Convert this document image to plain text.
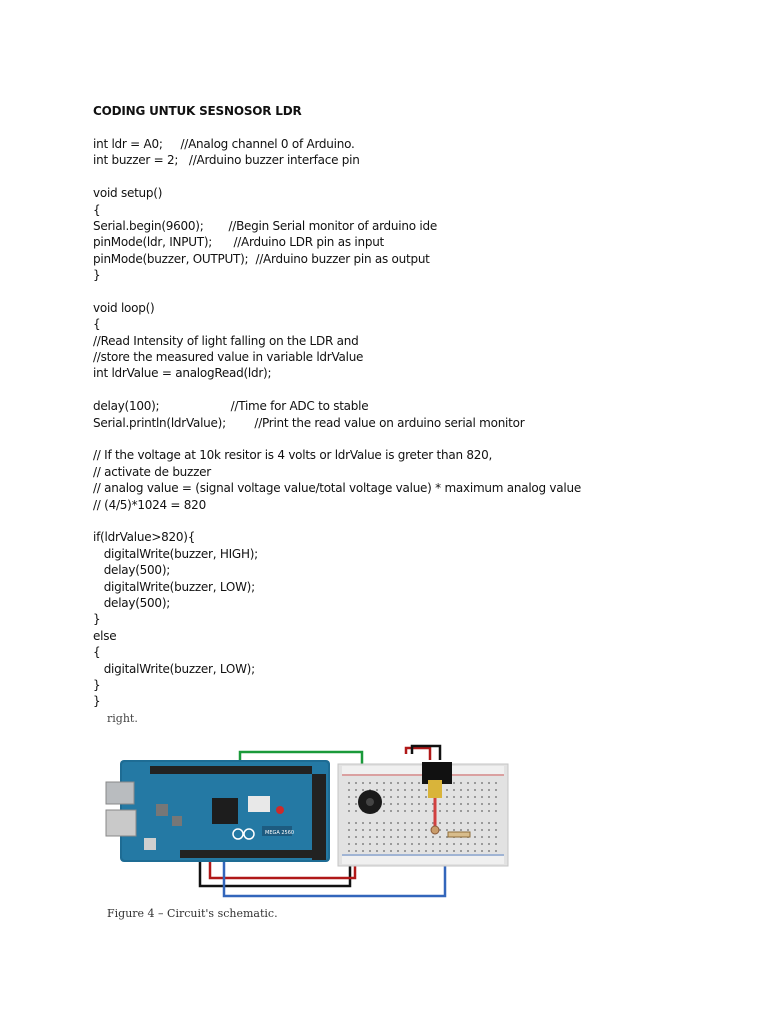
CODING UNTUK SESNOSOR LDR
int ldr = A0;     //Analog channel 0 of Arduino.
int buzzer = 2;   //Arduino buzzer interface pin
void setup()
{
Serial.begin(9600);       //Begin Serial monitor of arduino ide
pinMode(ldr, INPUT);      //Arduino LDR pin as input
pinMode(buzzer, OUTPUT);  //Arduino buzzer pin as output
}
void loop()
{
//Read Intensity of light falling on the LDR and
//store the measured value in variable ldrValue
int ldrValue = analogRead(ldr);
delay(100);                    //Time for ADC to stable
Serial.println(ldrValue);        //Print the read value on arduino serial monitor
// If the voltage at 10k resitor is 4 volts or ldrValue is greter than 820,
// activate de buzzer
// analog value = (signal voltage value/total voltage value) * maximum analog value
// (4/5)*1024 = 820
if(ldrValue>820){
digitalWrite(buzzer, HIGH);
delay(500);
digitalWrite(buzzer, LOW);
delay(500);
}
else
{
digitalWrite(buzzer, LOW);
}
}
right.
MEGA 2560
Figure 4 – Circuit's schematic.
